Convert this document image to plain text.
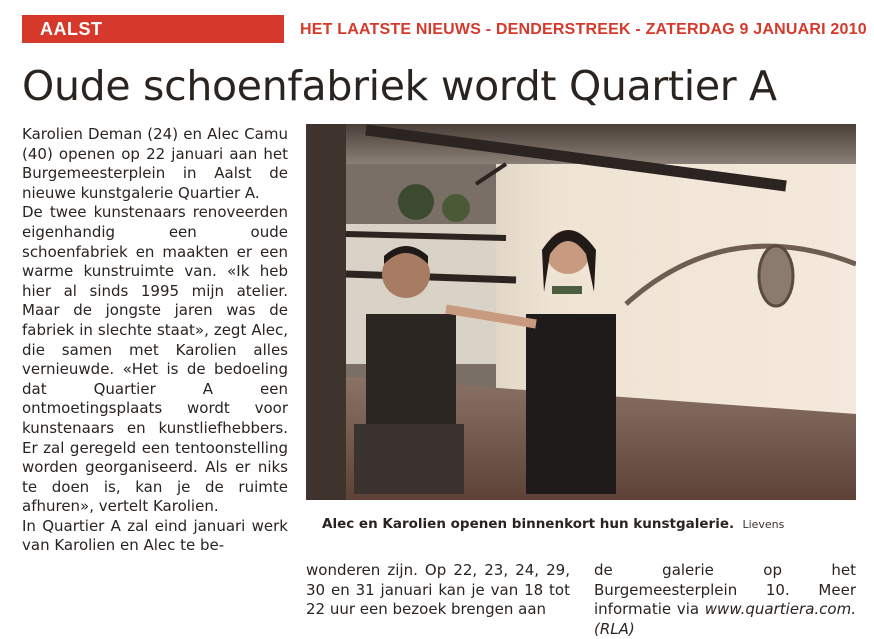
AALST	HET LAATSTE NIEUWS - DENDERSTREEK - ZATERDAG 9 JANUARI 2010
Oude schoenfabriek wordt Quartier A

Karolien Deman (24) en Alec Camu (40) openen op 22 januari aan het Burgemeesterplein in Aalst de nieuwe kunstgalerie Quartier A.

De twee kunstenaars renoveerden eigenhandig een oude schoenfabriek en maakten er een warme kunstruimte van. «Ik heb hier al sinds 1995 mijn atelier. Maar de jongste jaren was de fabriek in slechte staat», zegt Alec, die samen met Karolien alles vernieuwde. «Het is de bedoeling dat Quartier A een ontmoetingsplaats wordt voor kunstenaars en kunstliefhebbers. Er zal geregeld een tentoonstelling worden georganiseerd. Als er niks te doen is, kan je de ruimte afhuren», vertelt Karolien.

In Quartier A zal eind januari werk van Karolien en Alec te be-

Alec en Karolien openen binnenkort hun kunstgalerie. Lievens

wonderen zijn. Op 22, 23, 24, 29, 30 en 31 januari kan je van 18 tot 22 uur een bezoek brengen aan

de galerie op het Burgemeesterplein 10. Meer informatie via www.quartiera.com. (RLA)
